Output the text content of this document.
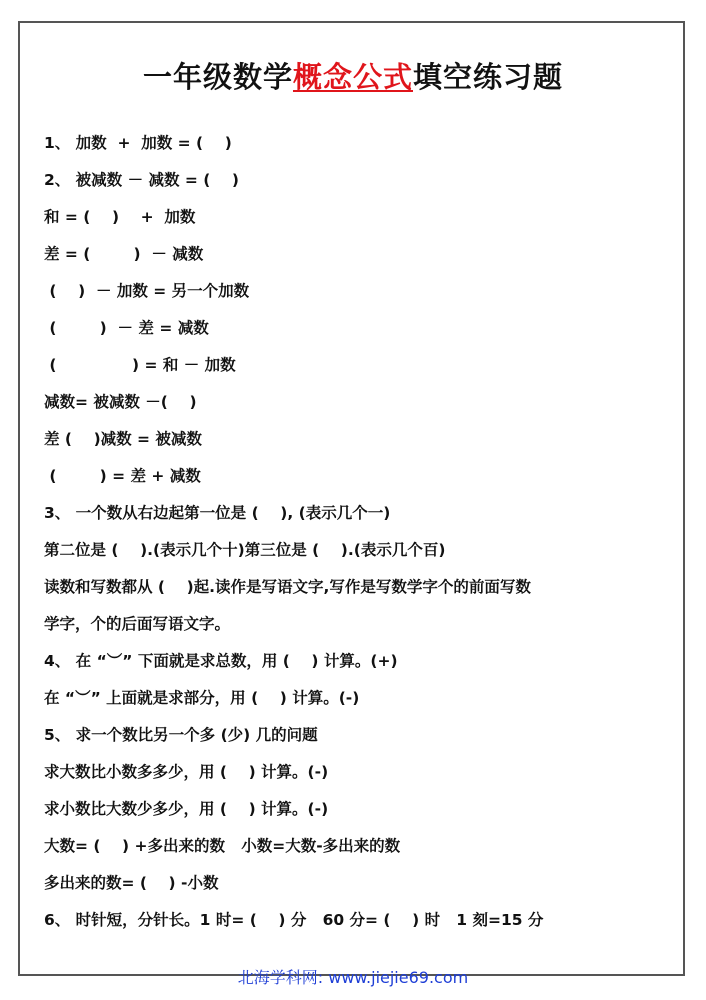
一年级数学概念公式填空练习题
1、 加数  +  加数 = (    )
2、 被减数 － 减数 = (    )
和 = (    )    +  加数
差 = (        )  － 减数
(    )  － 加数 = 另一个加数
(        )  － 差 = 减数
(              ) = 和 － 加数
减数= 被减数 －(    )
差 (    )减数 = 被减数
(        ) = 差 + 减数
3、 一个数从右边起第一位是 (    ), (表示几个一)
第二位是 (    ).(表示几个十)第三位是 (    ).(表示几个百)
读数和写数都从 (    )起.读作是写语文字,写作是写数学字个的前面写数
学字，个的后面写语文字。
4、 在 “︶” 下面就是求总数，用 (    ) 计算。(+)
在 “︶” 上面就是求部分，用 (    ) 计算。(-)
5、 求一个数比另一个多 (少) 几的问题
求大数比小数多多少，用 (    ) 计算。(-)
求小数比大数少多少，用 (    ) 计算。(-)
大数= (    ) +多出来的数   小数=大数-多出来的数
多出来的数= (    ) -小数
6、 时针短，分针长。1 时= (    ) 分   60 分= (    ) 时   1 刻=15 分
北海学科网: www.jiejie69.com
